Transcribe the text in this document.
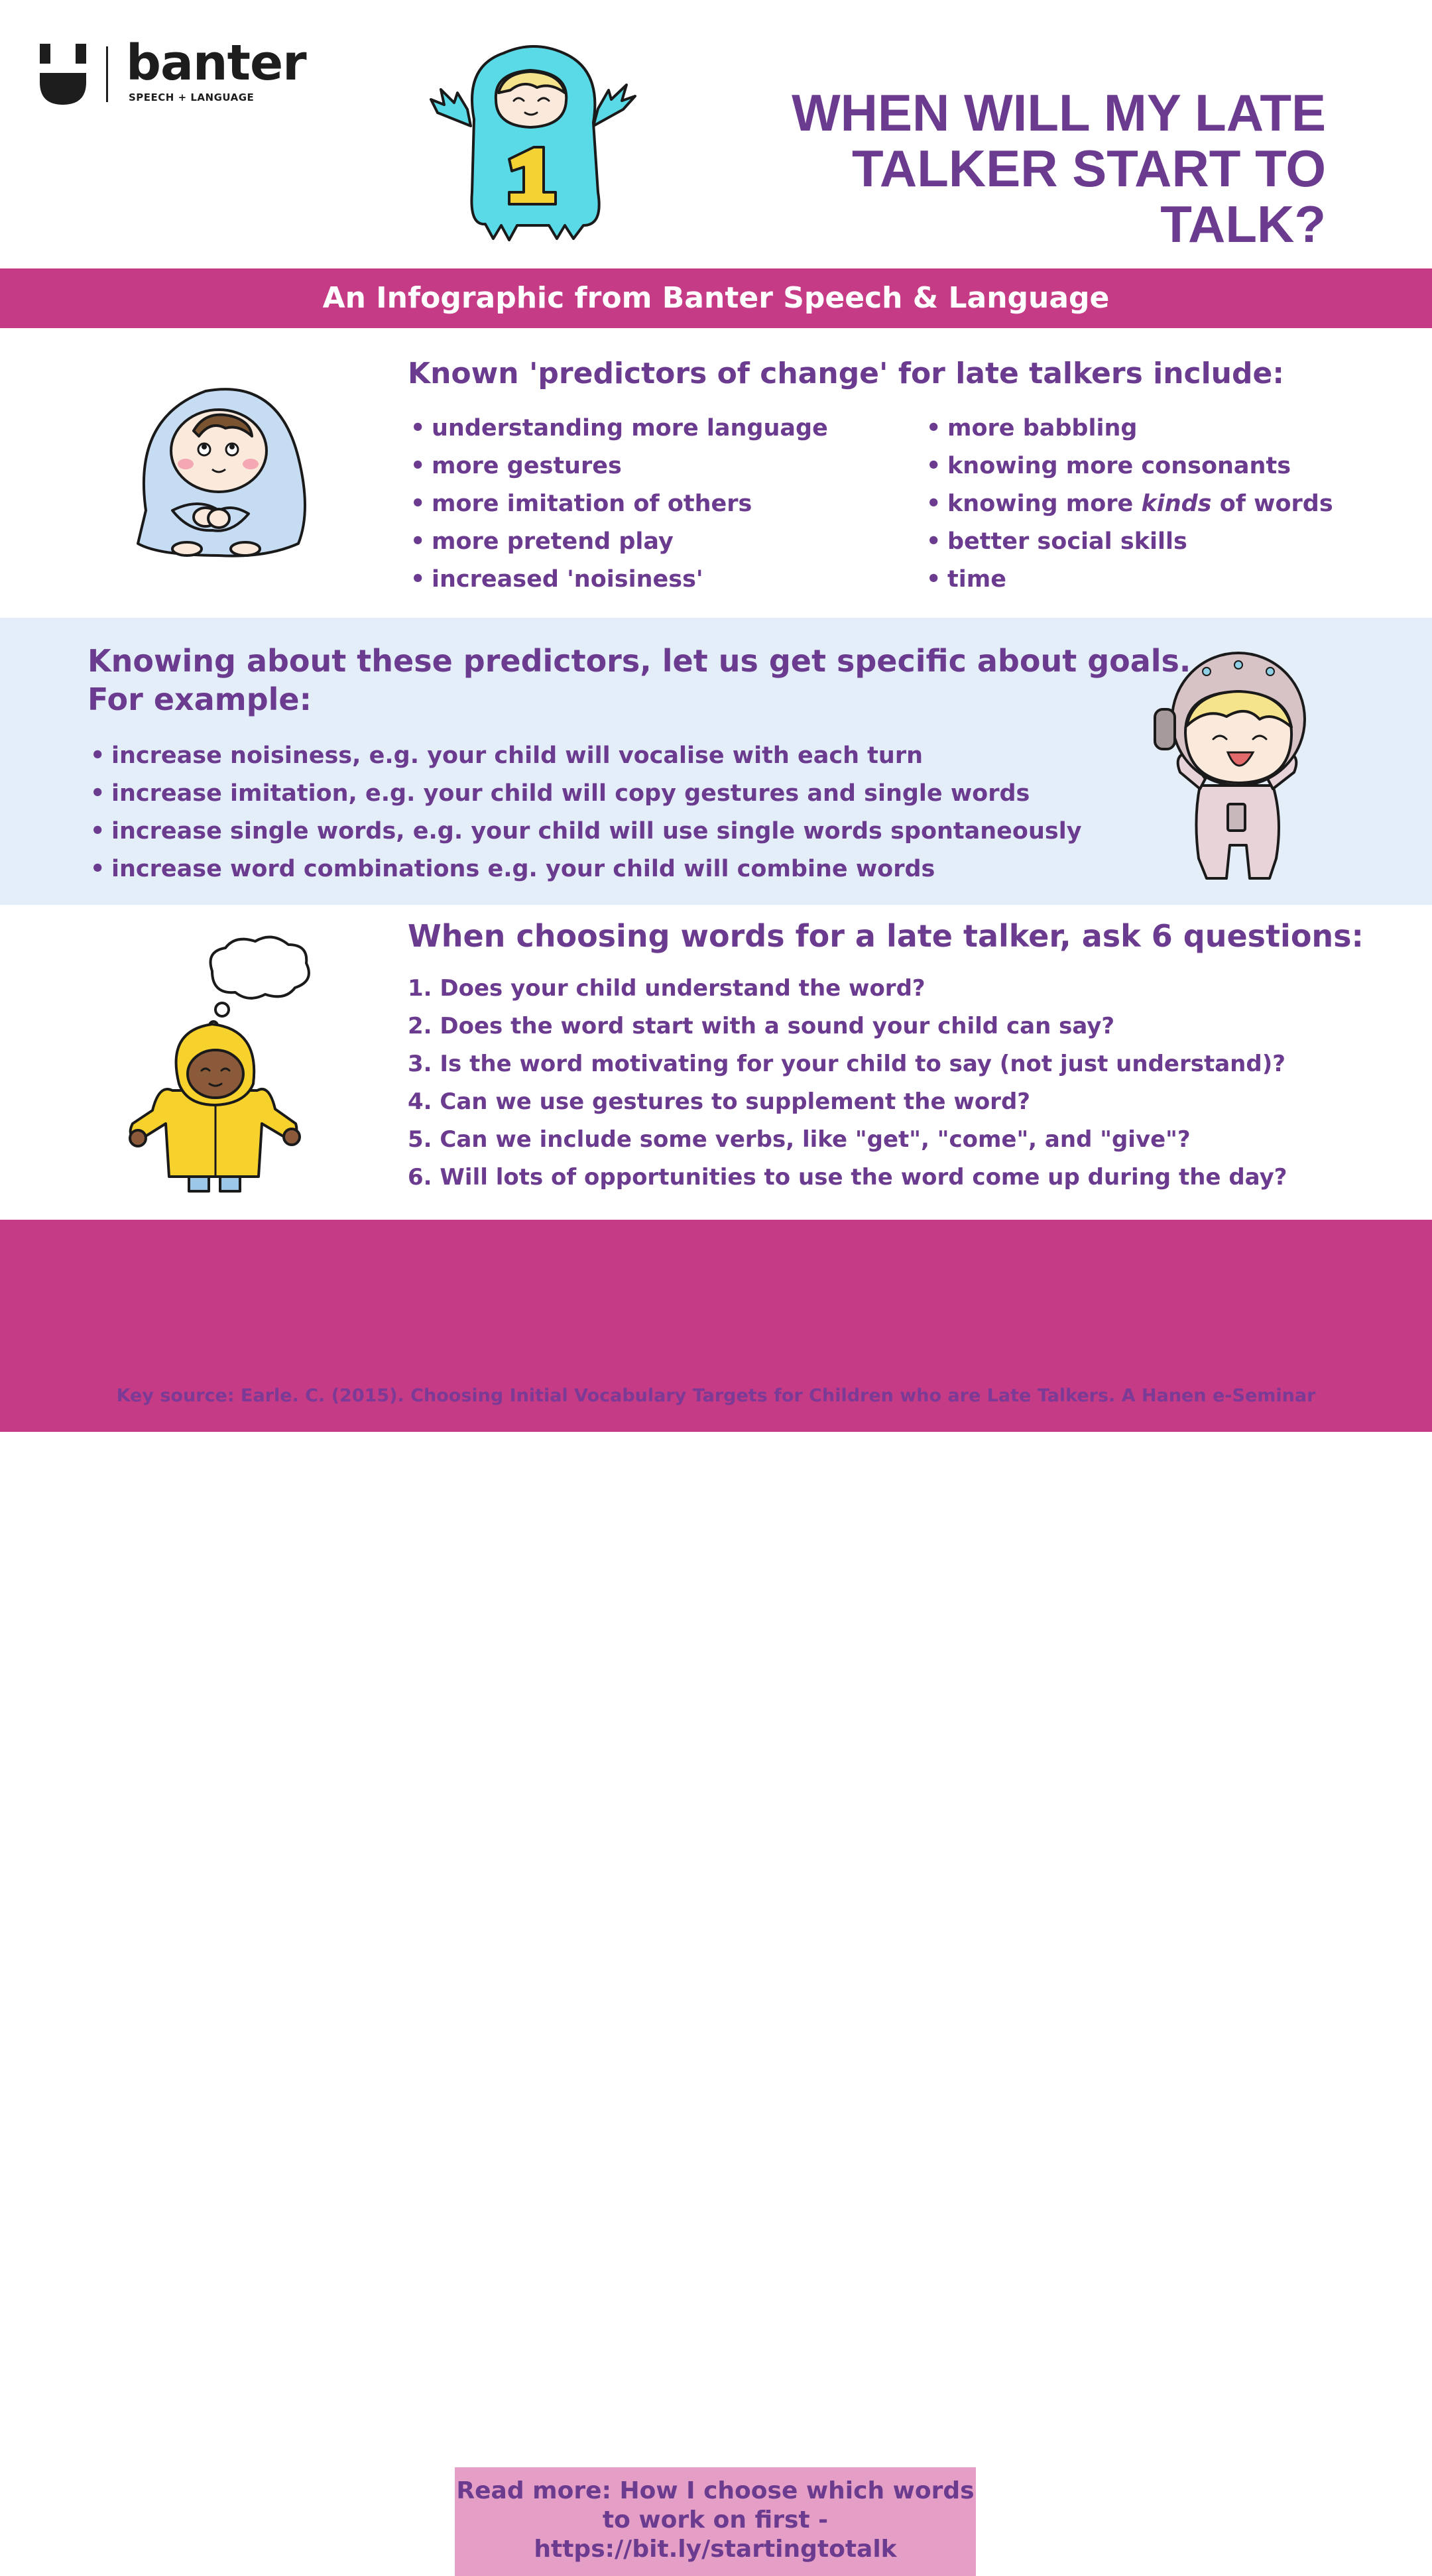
banter
SPEECH + LANGUAGE	WHEN WILL MY LATE
TALKER START TO TALK?
An Infographic from Banter Speech & Language
Known 'predictors of change' for late talkers include:
• understanding more language
• more gestures
• more imitation of others
• more pretend play
• increased 'noisiness'
• more babbling
• knowing more consonants
• knowing more kinds of words
• better social skills
• time
Knowing about these predictors, let us get specific about goals.
For example:
• increase noisiness, e.g. your child will vocalise with each turn
• increase imitation, e.g. your child will copy gestures and single words
• increase single words, e.g. your child will use single words spontaneously
• increase word combinations e.g. your child will combine words
When choosing words for a late talker, ask 6 questions:
1. Does your child understand the word?
2. Does the word start with a sound your child can say?
3. Is the word motivating for your child to say (not just understand)?
4. Can we use gestures to supplement the word?
5. Can we include some verbs, like "get", "come", and "give"?
6. Will lots of opportunities to use the word come up during the day?
Read more: How I choose which words
to work on first -
https://bit.ly/startingtotalk
Key source: Earle. C. (2015). Choosing Initial Vocabulary Targets for Children who are Late Talkers. A Hanen e-Seminar
